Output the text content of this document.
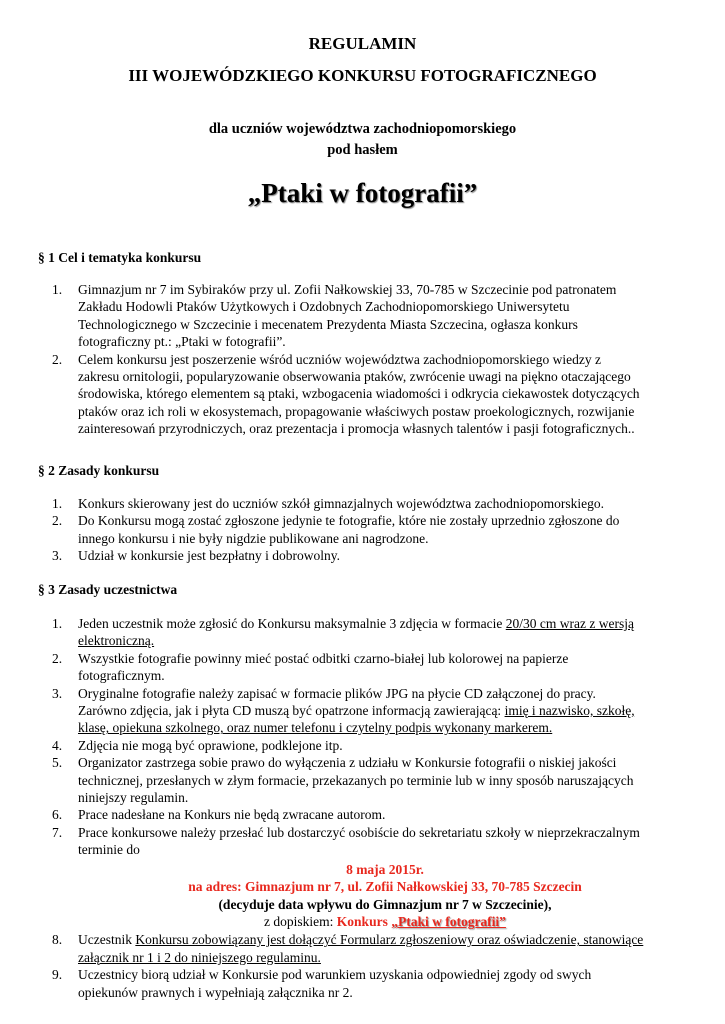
REGULAMIN
III WOJEWÓDZKIEGO KONKURSU FOTOGRAFICZNEGO
dla uczniów województwa zachodniopomorskiego
pod hasłem
„Ptaki w fotografii”
§ 1 Cel i tematyka konkursu
1.	Gimnazjum nr 7 im Sybiraków przy ul. Zofii Nałkowskiej 33, 70-785 w Szczecinie pod patronatem
Zakładu Hodowli Ptaków Użytkowych i Ozdobnych Zachodniopomorskiego Uniwersytetu
Technologicznego w Szczecinie i mecenatem Prezydenta Miasta Szczecina, ogłasza konkurs
fotograficzny pt.: „Ptaki w fotografii”.
2.	Celem konkursu jest poszerzenie wśród uczniów województwa zachodniopomorskiego wiedzy z
zakresu ornitologii, popularyzowanie obserwowania ptaków, zwrócenie uwagi na piękno otaczającego
środowiska, którego elementem są ptaki, wzbogacenia wiadomości i odkrycia ciekawostek dotyczących
ptaków oraz ich roli w ekosystemach, propagowanie właściwych postaw proekologicznych, rozwijanie
zainteresowań przyrodniczych, oraz prezentacja i promocja własnych talentów i pasji fotograficznych..
§ 2 Zasady konkursu
1.	Konkurs skierowany jest do uczniów szkół gimnazjalnych województwa zachodniopomorskiego.
2.	Do Konkursu mogą zostać zgłoszone jedynie te fotografie, które nie zostały uprzednio zgłoszone do
innego konkursu i nie były nigdzie publikowane ani nagrodzone.
3.	Udział w konkursie jest bezpłatny i dobrowolny.
§ 3 Zasady uczestnictwa
1.	Jeden uczestnik może zgłosić do Konkursu maksymalnie 3 zdjęcia w formacie 20/30 cm wraz z wersją
elektroniczną.
2.	Wszystkie fotografie powinny mieć postać odbitki czarno-białej lub kolorowej na papierze
fotograficznym.
3.	Oryginalne fotografie należy zapisać w formacie plików JPG na płycie CD załączonej do pracy.
Zarówno zdjęcia, jak i płyta CD muszą być opatrzone informacją zawierającą: imię i nazwisko, szkołę,
klasę, opiekuna szkolnego, oraz numer telefonu i czytelny podpis wykonany markerem.
4.	Zdjęcia nie mogą być oprawione, podklejone itp.
5.	Organizator zastrzega sobie prawo do wyłączenia z udziału w Konkursie fotografii o niskiej jakości
technicznej, przesłanych w złym formacie, przekazanych po terminie lub w inny sposób naruszających
niniejszy regulamin.
6.	Prace nadesłane na Konkurs nie będą zwracane autorom.
7.	Prace konkursowe należy przesłać lub dostarczyć osobiście do sekretariatu szkoły w nieprzekraczalnym
terminie do
8 maja 2015r.
na adres: Gimnazjum nr 7, ul. Zofii Nałkowskiej 33, 70-785 Szczecin
(decyduje data wpływu do Gimnazjum nr 7 w Szczecinie),
z dopiskiem: Konkurs „Ptaki w fotografii”
8.	Uczestnik Konkursu zobowiązany jest dołączyć Formularz zgłoszeniowy oraz oświadczenie, stanowiące
załącznik nr 1 i 2 do niniejszego regulaminu.
9.	Uczestnicy biorą udział w Konkursie pod warunkiem uzyskania odpowiedniej zgody od swych
opiekunów prawnych i wypełniają załącznika nr 2.
